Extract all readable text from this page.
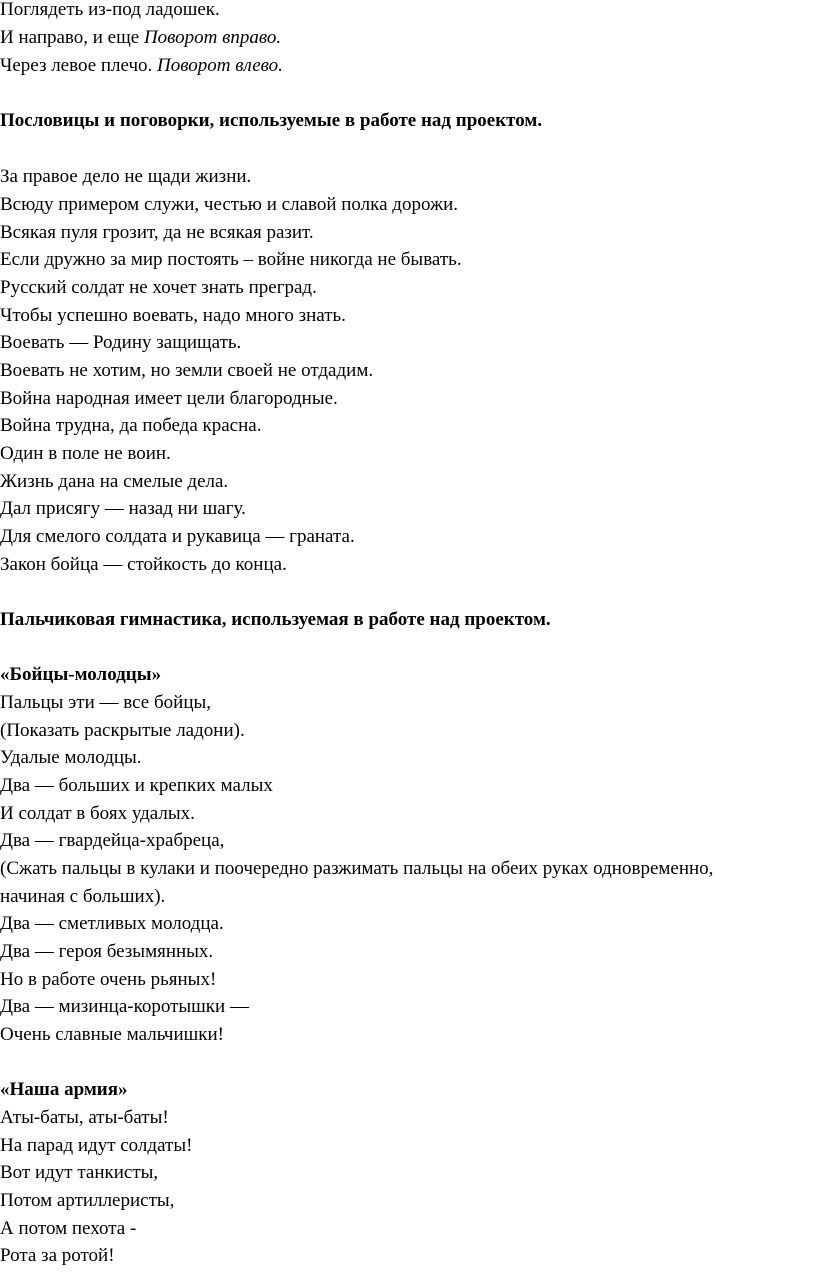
Поглядеть из-под ладошек.

И направо, и еще Поворот вправо.

Через левое плечо. Поворот влево.

Пословицы и поговорки, используемые в работе над проектом.

За правое дело не щади жизни.

Всюду примером служи, честью и славой полка дорожи.

Всякая пуля грозит, да не всякая разит.

Если дружно за мир постоять – войне никогда не бывать.

Русский солдат не хочет знать преград.

Чтобы успешно воевать, надо много знать.

Воевать — Родину защищать.

Воевать не хотим, но земли своей не отдадим.

Война народная имеет цели благородные.

Война трудна, да победа красна.

Один в поле не воин.

Жизнь дана на смелые дела.

Дал присягу — назад ни шагу.

Для смелого солдата и рукавица — граната.

Закон бойца — стойкость до конца.

Пальчиковая гимнастика, используемая в работе над проектом.

«Бойцы-молодцы»

Пальцы эти — все бойцы,

(Показать раскрытые ладони).

Удалые молодцы.

Два — больших и крепких малых

И солдат в боях удалых.

Два — гвардейца-храбреца,

(Сжать пальцы в кулаки и поочередно разжимать пальцы на обеих руках одновременно,

начиная с больших).

Два — сметливых молодца.

Два — героя безымянных.

Но в работе очень рьяных!

Два — мизинца-коротышки —

Очень славные мальчишки!

«Наша армия»

Аты-баты, аты-баты!

На парад идут солдаты!

Вот идут танкисты,

Потом артиллеристы,

А потом пехота -

Рота за ротой!
